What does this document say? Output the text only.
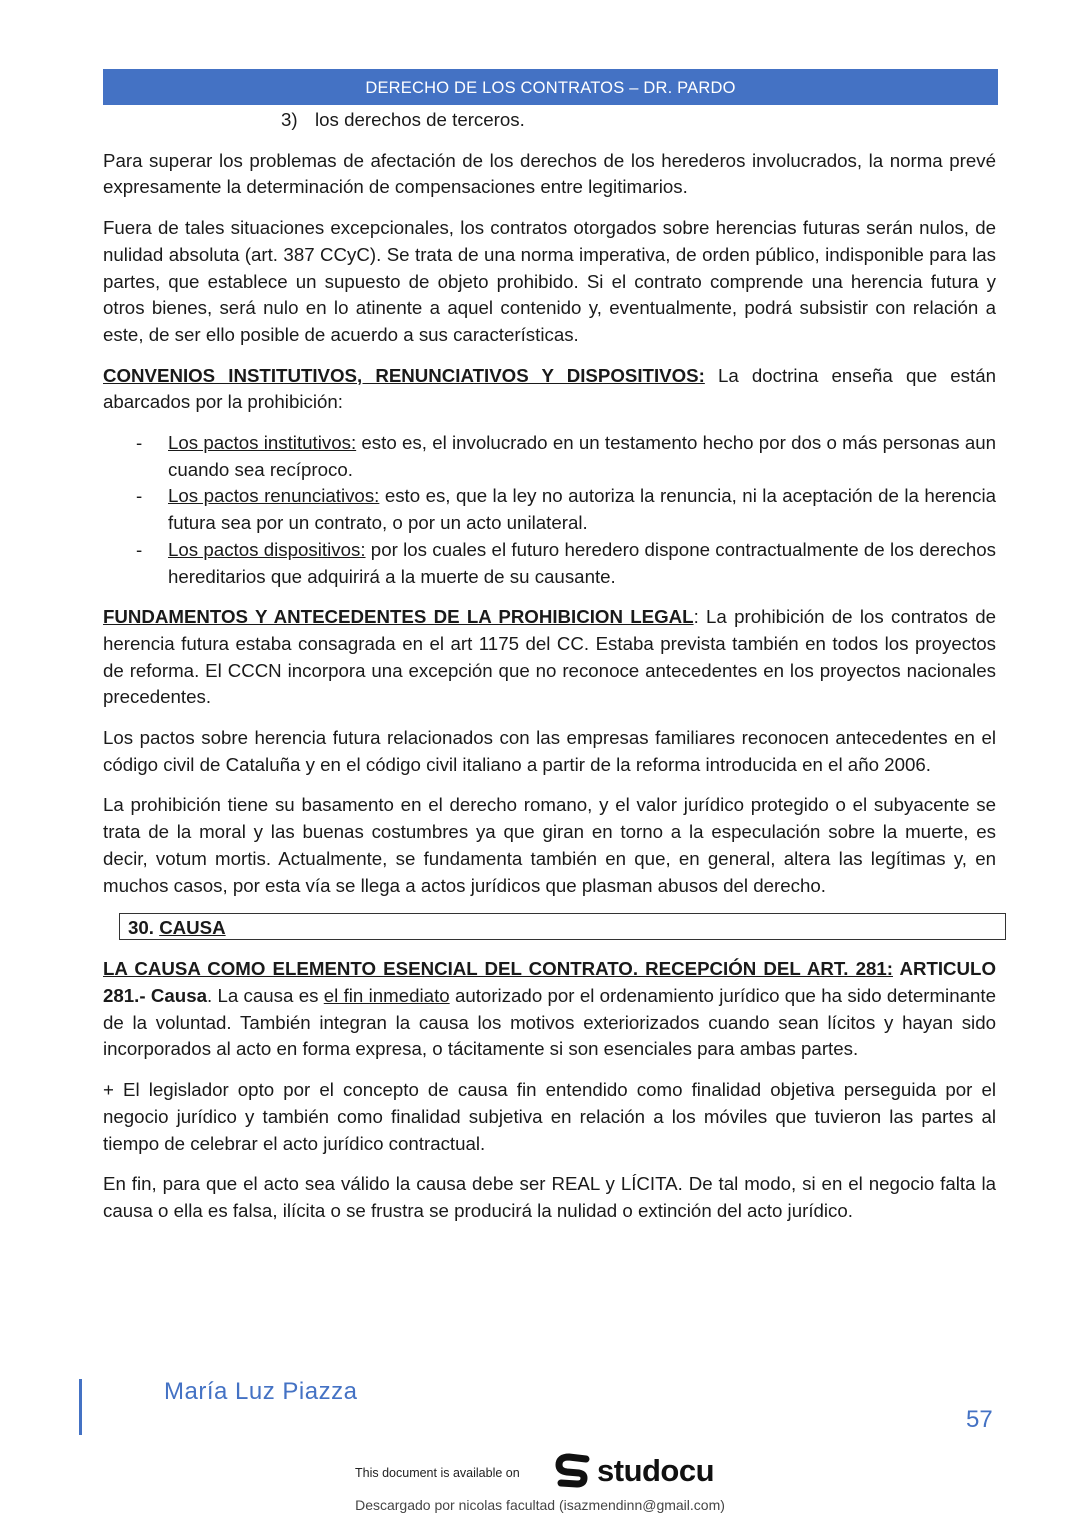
DERECHO DE LOS CONTRATOS – DR. PARDO
3) los derechos de terceros.

Para superar los problemas de afectación de los derechos de los herederos involucrados, la norma prevé expresamente la determinación de compensaciones entre legitimarios.

Fuera de tales situaciones excepcionales, los contratos otorgados sobre herencias futuras serán nulos, de nulidad absoluta (art. 387 CCyC). Se trata de una norma imperativa, de orden público, indisponible para las partes, que establece un supuesto de objeto prohibido. Si el contrato comprende una herencia futura y otros bienes, será nulo en lo atinente a aquel contenido y, eventualmente, podrá subsistir con relación a este, de ser ello posible de acuerdo a sus características.

CONVENIOS INSTITUTIVOS, RENUNCIATIVOS Y DISPOSITIVOS: La doctrina enseña que están abarcados por la prohibición:

- Los pactos institutivos: esto es, el involucrado en un testamento hecho por dos o más personas aun cuando sea recíproco.
- Los pactos renunciativos: esto es, que la ley no autoriza la renuncia, ni la aceptación de la herencia futura sea por un contrato, o por un acto unilateral.
- Los pactos dispositivos: por los cuales el futuro heredero dispone contractualmente de los derechos hereditarios que adquirirá a la muerte de su causante.

FUNDAMENTOS Y ANTECEDENTES DE LA PROHIBICION LEGAL: La prohibición de los contratos de herencia futura estaba consagrada en el art 1175 del CC. Estaba prevista también en todos los proyectos de reforma. El CCCN incorpora una excepción que no reconoce antecedentes en los proyectos nacionales precedentes.

Los pactos sobre herencia futura relacionados con las empresas familiares reconocen antecedentes en el código civil de Cataluña y en el código civil italiano a partir de la reforma introducida en el año 2006.

La prohibición tiene su basamento en el derecho romano, y el valor jurídico protegido o el subyacente se trata de la moral y las buenas costumbres ya que giran en torno a la especulación sobre la muerte, es decir, votum mortis. Actualmente, se fundamenta también en que, en general, altera las legítimas y, en muchos casos, por esta vía se llega a actos jurídicos que plasman abusos del derecho.

30. CAUSA

LA CAUSA COMO ELEMENTO ESENCIAL DEL CONTRATO. RECEPCIÓN DEL ART. 281: ARTICULO 281.- Causa. La causa es el fin inmediato autorizado por el ordenamiento jurídico que ha sido determinante de la voluntad. También integran la causa los motivos exteriorizados cuando sean lícitos y hayan sido incorporados al acto en forma expresa, o tácitamente si son esenciales para ambas partes.

+ El legislador opto por el concepto de causa fin entendido como finalidad objetiva perseguida por el negocio jurídico y también como finalidad subjetiva en relación a los móviles que tuvieron las partes al tiempo de celebrar el acto jurídico contractual.

En fin, para que el acto sea válido la causa debe ser REAL y LÍCITA. De tal modo, si en el negocio falta la causa o ella es falsa, ilícita o se frustra se producirá la nulidad o extinción del acto jurídico.

María Luz Piazza
57
This document is available on studocu
Descargado por nicolas facultad (isazmendinn@gmail.com)
